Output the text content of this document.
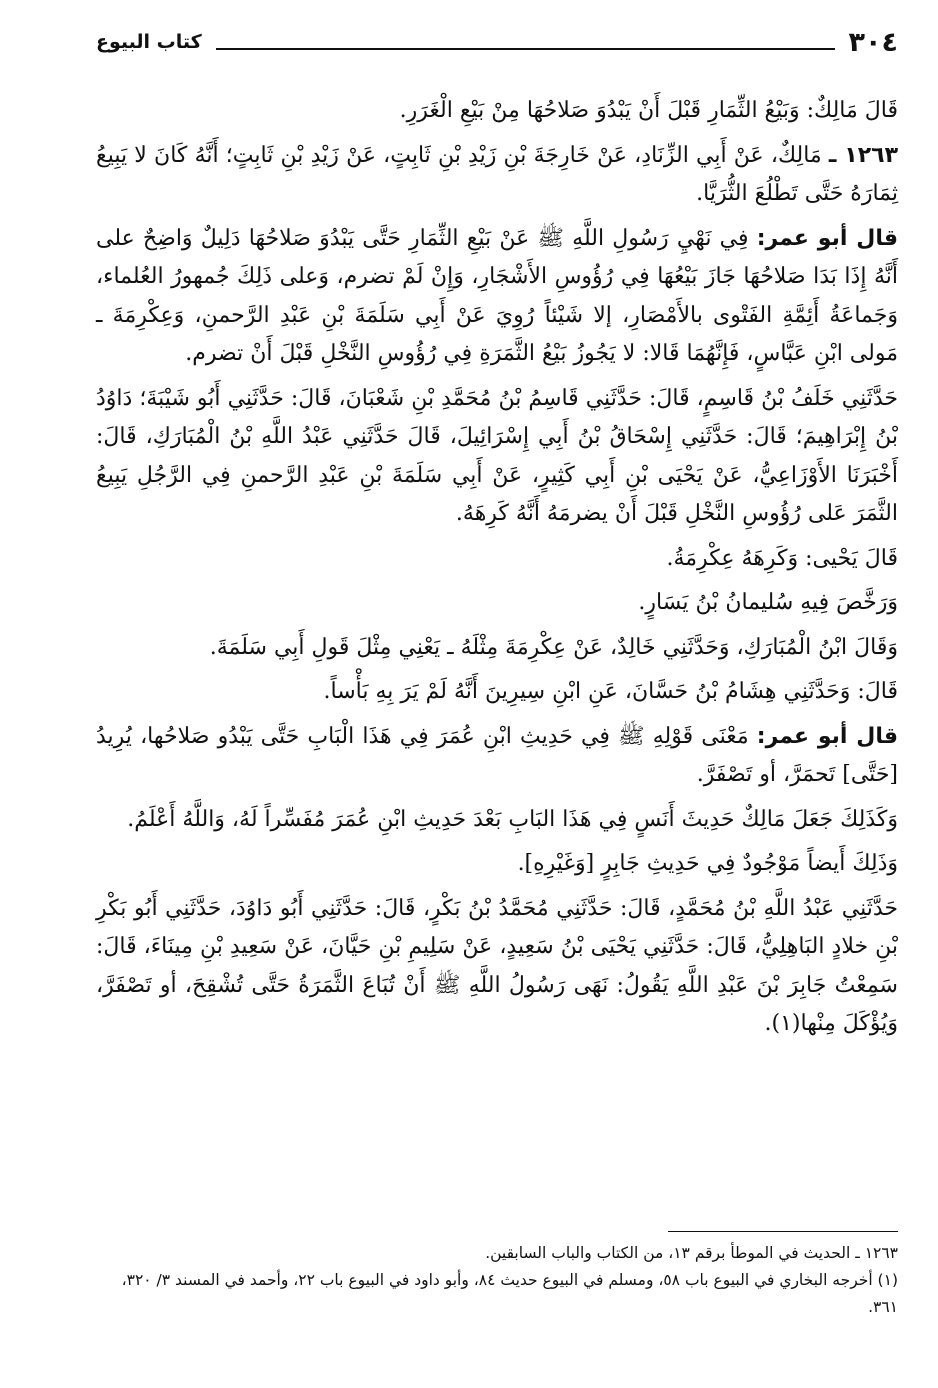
٣٠٤
كتاب البيوع

قَالَ مَالِكٌ: وَبَيْعُ الثِّمَارِ قَبْلَ أَنْ يَبْدُوَ صَلاحُهَا مِنْ بَيْعِ الْغَرَرِ.

١٢٦٣ ـ مَالِكٌ، عَنْ أَبِي الزِّنَادِ، عَنْ خَارِجَةَ بْنِ زَيْدِ بْنِ ثَابِتٍ، عَنْ زَيْدِ بْنِ ثَابِتٍ؛ أَنَّهُ كَانَ لا يَبِيعُ ثِمَارَهُ حَتَّى تَطْلُعَ الثُّرَيَّا.

قال أبو عمر: فِي نَهْيِ رَسُولِ اللَّهِ ﷺ عَنْ بَيْعِ الثِّمَارِ حَتَّى يَبْدُوَ صَلاحُهَا دَلِيلٌ وَاضِحٌ على أَنَّهُ إِذَا بَدَا صَلاحُهَا جَازَ بَيْعُهَا فِي رُؤُوسِ الأَشْجَارِ، وَإِنْ لَمْ تضرم، وَعلى ذَلِكَ جُمهورُ العُلماء، وَجَماعَةُ أَئِمَّةِ الفَتْوى بالأَمْصَارِ، إلا شَيْئاً رُوِيَ عَنْ أَبِي سَلَمَةَ بْنِ عَبْدِ الرَّحمنِ، وَعِكْرِمَةَ ـ مَولى ابْنِ عَبَّاسٍ، فَإِنَّهُمَا قَالا: لا يَجُوزُ بَيْعُ الثَّمَرَةِ فِي رُؤُوسِ النَّخْلِ قَبْلَ أَنْ تضرم.

حَدَّثَنِي خَلَفُ بْنُ قَاسِمٍ، قَالَ: حَدَّثَنِي قَاسِمُ بْنُ مُحَمَّدِ بْنِ شَعْبَانَ، قَالَ: حَدَّثَنِي أَبُو شَيْبَةَ؛ دَاوُدُ بْنُ إِبْرَاهِيمَ؛ قَالَ: حَدَّثَنِي إِسْحَاقُ بْنُ أَبِي إِسْرَائِيلَ، قَالَ حَدَّثَنِي عَبْدُ اللَّهِ بْنُ الْمُبَارَكِ، قَالَ: أَخْبَرَنَا الأَوْزَاعِيُّ، عَنْ يَحْيَى بْنِ أَبِي كَثِيرٍ، عَنْ أَبِي سَلَمَةَ بْنِ عَبْدِ الرَّحمنِ فِي الرَّجُلِ يَبِيعُ الثَّمَرَ عَلى رُؤُوسِ النَّخْلِ قَبْلَ أَنْ يضرمَهُ أَنَّهُ كَرِهَهُ.

قَالَ يَحْيى: وَكَرِهَهُ عِكْرِمَةُ.

وَرَخَّصَ فِيهِ سُليمانُ بْنُ يَسَارٍ.

وَقَالَ ابْنُ الْمُبَارَكِ، وَحَدَّثَنِي خَالِدٌ، عَنْ عِكْرِمَةَ مِثْلَهُ ـ يَعْنِي مِثْلَ قَولِ أَبِي سَلَمَةَ.

قَالَ: وَحَدَّثَنِي هِشَامُ بْنُ حَسَّانَ، عَنِ ابْنِ سِيرِينَ أَنَّهُ لَمْ يَرَ بِهِ بَأْساً.

قال أبو عمر: مَعْنَى قَوْلِهِ ﷺ فِي حَدِيثِ ابْنِ عُمَرَ فِي هَذَا الْبَابِ حَتَّى يَبْدُو صَلاحُها، يُرِيدُ [حَتَّى] تَحمَرَّ، أو تَصْفَرَّ.

وَكَذَلِكَ جَعَلَ مَالِكٌ حَدِيثَ أَنَسٍ فِي هَذَا البَابِ بَعْدَ حَدِيثِ ابْنِ عُمَرَ مُفَسِّراً لَهُ، وَاللَّهُ أَعْلَمُ.

وَذَلِكَ أَيضاً مَوْجُودٌ فِي حَدِيثِ جَابِرٍ [وَغَيْرِهِ].

حَدَّثَنِي عَبْدُ اللَّهِ بْنُ مُحَمَّدٍ، قَالَ: حَدَّثَنِي مُحَمَّدُ بْنُ بَكْرٍ، قَالَ: حَدَّثَنِي أَبُو دَاوُدَ، حَدَّثَنِي أَبُو بَكْرِ بْنِ خلادٍ البَاهِلِيُّ، قَالَ: حَدَّثَنِي يَحْيَى بْنُ سَعِيدٍ، عَنْ سَلِيمِ بْنِ حَيَّانَ، عَنْ سَعِيدِ بْنِ مِينَاءَ، قَالَ: سَمِعْتُ جَابِرَ بْنَ عَبْدِ اللَّهِ يَقُولُ: نَهَى رَسُولُ اللَّهِ ﷺ أَنْ تُبَاعَ الثَّمَرَةُ حَتَّى تُشْقِحَ، أو تَصْفَرَّ، وَيُؤْكَلَ مِنْها(١).

١٢٦٣ ـ الحديث في الموطأ برقم ١٣، من الكتاب والباب السابقين.

(١) أخرجه البخاري في البيوع باب ٥٨، ومسلم في البيوع حديث ٨٤، وأبو داود في البيوع باب ٢٢، وأحمد في المسند ٣/ ٣٢٠، ٣٦١.
